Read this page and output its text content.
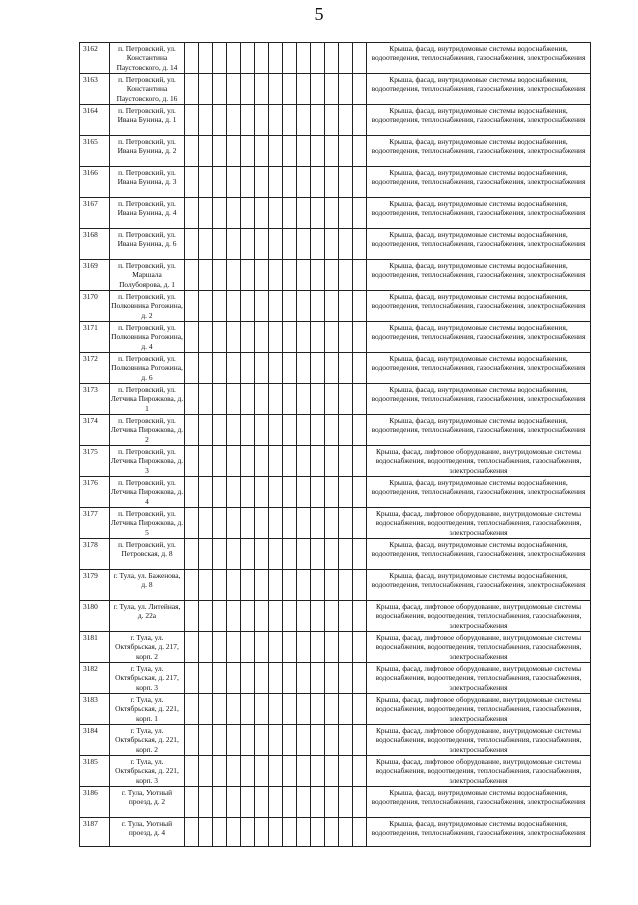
5
3162	п. Петровский, ул. Константина Паустовского, д. 14														Крыша, фасад, внутридомовые системы водоснабжения, водоотведения, теплоснабжения, газоснабжения, электроснабжения
3163	п. Петровский, ул. Константина Паустовского, д. 16														Крыша, фасад, внутридомовые системы водоснабжения, водоотведения, теплоснабжения, газоснабжения, электроснабжения
3164	п. Петровский, ул. Ивана Бунина, д. 1														Крыша, фасад, внутридомовые системы водоснабжения, водоотведения, теплоснабжения, газоснабжения, электроснабжения
3165	п. Петровский, ул. Ивана Бунина, д. 2														Крыша, фасад, внутридомовые системы водоснабжения, водоотведения, теплоснабжения, газоснабжения, электроснабжения
3166	п. Петровский, ул. Ивана Бунина, д. 3														Крыша, фасад, внутридомовые системы водоснабжения, водоотведения, теплоснабжения, газоснабжения, электроснабжения
3167	п. Петровский, ул. Ивана Бунина, д. 4														Крыша, фасад, внутридомовые системы водоснабжения, водоотведения, теплоснабжения, газоснабжения, электроснабжения
3168	п. Петровский, ул. Ивана Бунина, д. 6														Крыша, фасад, внутридомовые системы водоснабжения, водоотведения, теплоснабжения, газоснабжения, электроснабжения
3169	п. Петровский, ул. Маршала Полубоярова, д. 1														Крыша, фасад, внутридомовые системы водоснабжения, водоотведения, теплоснабжения, газоснабжения, электроснабжения
3170	п. Петровский, ул. Полковника Рогожина, д. 2														Крыша, фасад, внутридомовые системы водоснабжения, водоотведения, теплоснабжения, газоснабжения, электроснабжения
3171	п. Петровский, ул. Полковника Рогожина, д. 4														Крыша, фасад, внутридомовые системы водоснабжения, водоотведения, теплоснабжения, газоснабжения, электроснабжения
3172	п. Петровский, ул. Полковника Рогожина, д. 6														Крыша, фасад, внутридомовые системы водоснабжения, водоотведения, теплоснабжения, газоснабжения, электроснабжения
3173	п. Петровский, ул. Летчика Пирожкова, д. 1														Крыша, фасад, внутридомовые системы водоснабжения, водоотведения, теплоснабжения, газоснабжения, электроснабжения
3174	п. Петровский, ул. Летчика Пирожкова, д. 2														Крыша, фасад, внутридомовые системы водоснабжения, водоотведения, теплоснабжения, газоснабжения, электроснабжения
3175	п. Петровский, ул. Летчика Пирожкова, д. 3														Крыша, фасад, лифтовое оборудование, внутридомовые системы водоснабжения, водоотведения, теплоснабжения, газоснабжения, электроснабжения
3176	п. Петровский, ул. Летчика Пирожкова, д. 4														Крыша, фасад, внутридомовые системы водоснабжения, водоотведения, теплоснабжения, газоснабжения, электроснабжения
3177	п. Петровский, ул. Летчика Пирожкова, д. 5														Крыша, фасад, лифтовое оборудование, внутридомовые системы водоснабжения, водоотведения, теплоснабжения, газоснабжения, электроснабжения
3178	п. Петровский, ул. Петровская, д. 8														Крыша, фасад, внутридомовые системы водоснабжения, водоотведения, теплоснабжения, газоснабжения, электроснабжения
3179	г. Тула, ул. Баженова, д. 8														Крыша, фасад, внутридомовые системы водоснабжения, водоотведения, теплоснабжения, газоснабжения, электроснабжения
3180	г. Тула, ул. Литейная, д. 22а														Крыша, фасад, лифтовое оборудование, внутридомовые системы водоснабжения, водоотведения, теплоснабжения, газоснабжения, электроснабжения
3181	г. Тула, ул. Октябрьская, д. 217, корп. 2														Крыша, фасад, лифтовое оборудование, внутридомовые системы водоснабжения, водоотведения, теплоснабжения, газоснабжения, электроснабжения
3182	г. Тула, ул. Октябрьская, д. 217, корп. 3														Крыша, фасад, лифтовое оборудование, внутридомовые системы водоснабжения, водоотведения, теплоснабжения, газоснабжения, электроснабжения
3183	г. Тула, ул. Октябрьская, д. 221, корп. 1														Крыша, фасад, лифтовое оборудование, внутридомовые системы водоснабжения, водоотведения, теплоснабжения, газоснабжения, электроснабжения
3184	г. Тула, ул. Октябрьская, д. 221, корп. 2														Крыша, фасад, лифтовое оборудование, внутридомовые системы водоснабжения, водоотведения, теплоснабжения, газоснабжения, электроснабжения
3185	г. Тула, ул. Октябрьская, д. 221, корп. 3														Крыша, фасад, лифтовое оборудование, внутридомовые системы водоснабжения, водоотведения, теплоснабжения, газоснабжения, электроснабжения
3186	г. Тула, Уютный проезд, д. 2														Крыша, фасад, внутридомовые системы водоснабжения, водоотведения, теплоснабжения, газоснабжения, электроснабжения
3187	г. Тула, Уютный проезд, д. 4														Крыша, фасад, внутридомовые системы водоснабжения, водоотведения, теплоснабжения, газоснабжения, электроснабжения
